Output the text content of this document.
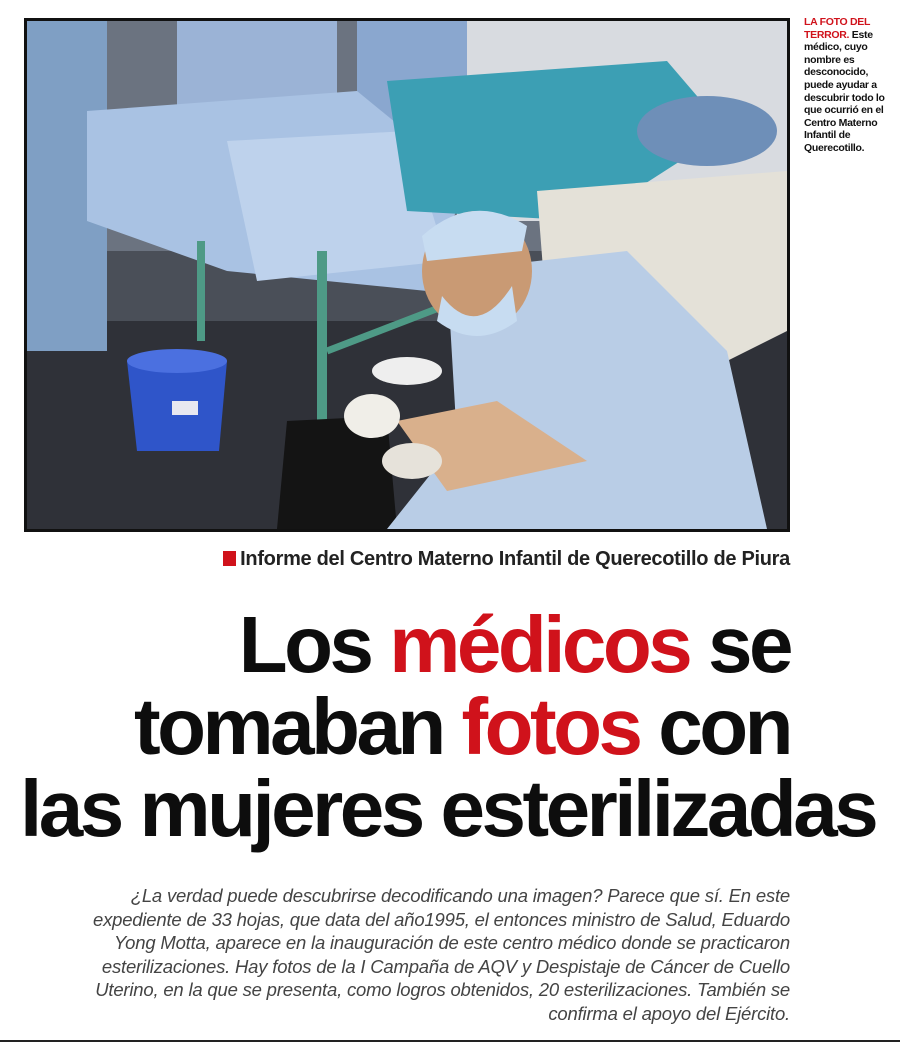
LA FOTO DEL TERROR. Este médico, cuyo nombre es desconocido, puede ayudar a descubrir todo lo que ocurrió en el Centro Materno Infantil de Querecotillo.
Informe del Centro Materno Infantil de Querecotillo de Piura
Los médicos se
tomaban fotos con
las mujeres esterilizadas

¿La verdad puede descubrirse decodificando una imagen? Parece que sí. En este expediente de 33 hojas, que data del año1995, el entonces ministro de Salud, Eduardo Yong Motta, aparece en la inauguración de este centro médico donde se practicaron esterilizaciones. Hay fotos de la I Campaña de AQV y Despistaje de Cáncer de Cuello Uterino, en la que se presenta, como logros obtenidos, 20 esterilizaciones. También se confirma el apoyo del Ejército.
